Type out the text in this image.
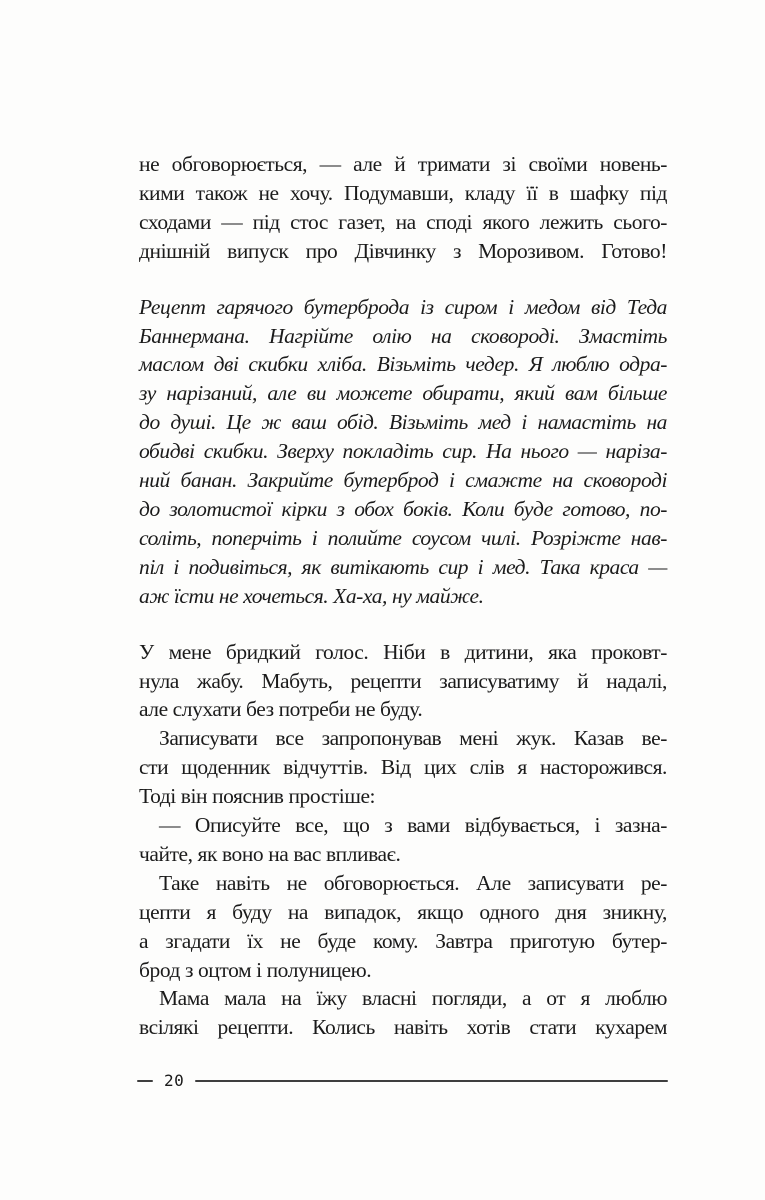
не обговорюється, — але й тримати зі своїми новень-
кими також не хочу. Подумавши, кладу її в шафку під
сходами — під стос газет, на споді якого лежить сього-
днішній випуск про Дівчинку з Морозивом. Готово!
Рецепт гарячого бутерброда із сиром і медом від Теда
Баннермана. Нагрійте олію на сковороді. Змастіть
маслом дві скибки хліба. Візьміть чедер. Я люблю одра-
зу нарізаний, але ви можете обирати, який вам більше
до душі. Це ж ваш обід. Візьміть мед і намастіть на
обидві скибки. Зверху покладіть сир. На нього — наріза-
ний банан. Закрийте бутерброд і смажте на сковороді
до золотистої кірки з обох боків. Коли буде готово, по-
соліть, поперчіть і полийте соусом чилі. Розріжте нав-
піл і подивіться, як витікають сир і мед. Така краса —
аж їсти не хочеться. Ха-ха, ну майже.
У мене бридкий голос. Ніби в дитини, яка проковт-
нула жабу. Мабуть, рецепти записуватиму й надалі,
але слухати без потреби не буду.
Записувати все запропонував мені жук. Казав ве-
сти щоденник відчуттів. Від цих слів я насторожився.
Тоді він пояснив простіше:
— Описуйте все, що з вами відбувається, і зазна-
чайте, як воно на вас впливає.
Таке навіть не обговорюється. Але записувати ре-
цепти я буду на випадок, якщо одного дня зникну,
а згадати їх не буде кому. Завтра приготую бутер-
брод з оцтом і полуницею.
Мама мала на їжу власні погляди, а от я люблю
всілякі рецепти. Колись навіть хотів стати кухарем
20
